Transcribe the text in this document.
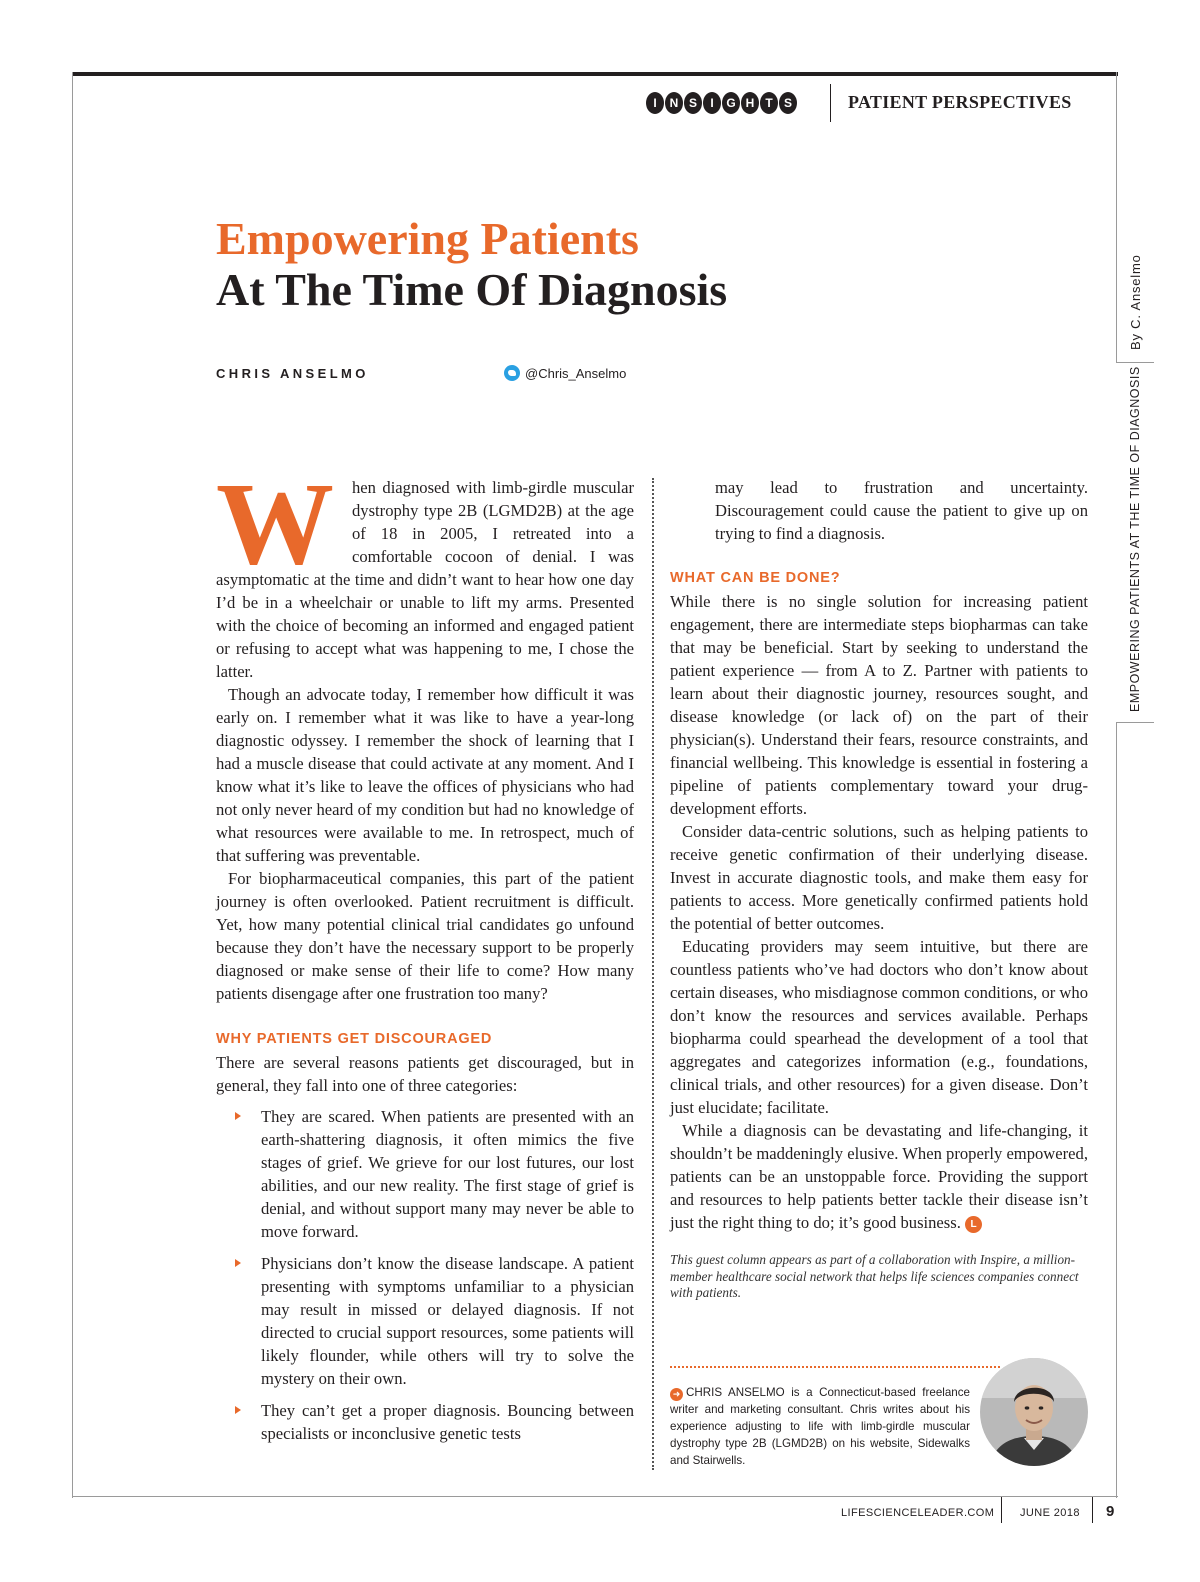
I	N S	I	G H T S	PATIENT PERSPECTIVES
By C. Anselmo
EMPOWERING PATIENTS AT THE TIME OF DIAGNOSIS
Empowering Patients
At The Time Of Diagnosis
CHRIS ANSELMO	@Chris_Anselmo

W hen diagnosed with limb-girdle muscular dystrophy type 2B (LGMD2B) at the age of 18 in 2005, I retreated into a comfortable cocoon of denial. I was asymptomatic at the time and didn’t want to hear how one day I’d be in a wheelchair or unable to lift my arms. Presented with the choice of becoming an informed and engaged patient or refusing to accept what was happening to me, I chose the latter.

Though an advocate today, I remember how difficult it was early on. I remember what it was like to have a year-long diagnostic odyssey. I remember the shock of learning that I had a muscle disease that could activate at any moment. And I know what it’s like to leave the offices of physicians who had not only never heard of my condition but had no knowledge of what resources were available to me. In retrospect, much of that suffering was preventable.

For biopharmaceutical companies, this part of the patient journey is often overlooked. Patient recruitment is difficult. Yet, how many potential clinical trial candidates go unfound because they don’t have the necessary support to be properly diagnosed or make sense of their life to come? How many patients disengage after one frustration too many?

WHY PATIENTS GET DISCOURAGED

There are several reasons patients get discouraged, but in general, they fall into one of three categories:

They are scared. When patients are presented with an earth-shattering diagnosis, it often mimics the five stages of grief. We grieve for our lost futures, our lost abilities, and our new reality. The first stage of grief is denial, and without support many may never be able to move forward.

Physicians don’t know the disease landscape. A patient presenting with symptoms unfamiliar to a physician may result in missed or delayed diagnosis. If not directed to crucial support resources, some patients will likely flounder, while others will try to solve the mystery on their own.

They can’t get a proper diagnosis. Bouncing between specialists or inconclusive genetic tests

may lead to frustration and uncertainty. Discouragement could cause the patient to give up on trying to find a diagnosis.

WHAT CAN BE DONE?

While there is no single solution for increasing patient engagement, there are intermediate steps biopharmas can take that may be beneficial. Start by seeking to understand the patient experience — from A to Z. Partner with patients to learn about their diagnostic journey, resources sought, and disease knowledge (or lack of) on the part of their physician(s). Understand their fears, resource constraints, and financial wellbeing. This knowledge is essential in fostering a pipeline of patients complementary toward your drug-development efforts.

Consider data-centric solutions, such as helping patients to receive genetic confirmation of their underlying disease. Invest in accurate diagnostic tools, and make them easy for patients to access. More genetically confirmed patients hold the potential of better outcomes.

Educating providers may seem intuitive, but there are countless patients who’ve had doctors who don’t know about certain diseases, who misdiagnose common conditions, or who don’t know the resources and services available. Perhaps biopharma could spearhead the development of a tool that aggregates and categorizes information (e.g., foundations, clinical trials, and other resources) for a given disease. Don’t just elucidate; facilitate.

While a diagnosis can be devastating and life-changing, it shouldn’t be maddeningly elusive. When properly empowered, patients can be an unstoppable force. Providing the support and resources to help patients better tackle their disease isn’t just the right thing to do; it’s good business. L

This guest column appears as part of a collaboration with Inspire, a million-member healthcare social network that helps life sciences companies connect with patients.

➜ CHRIS ANSELMO is a Connecticut-based freelance writer and marketing consultant. Chris writes about his experience adjusting to life with limb-girdle muscular dystrophy type 2B (LGMD2B) on his website, Sidewalks and Stairwells.
LIFESCIENCELEADER.COM JUNE 2018 9
